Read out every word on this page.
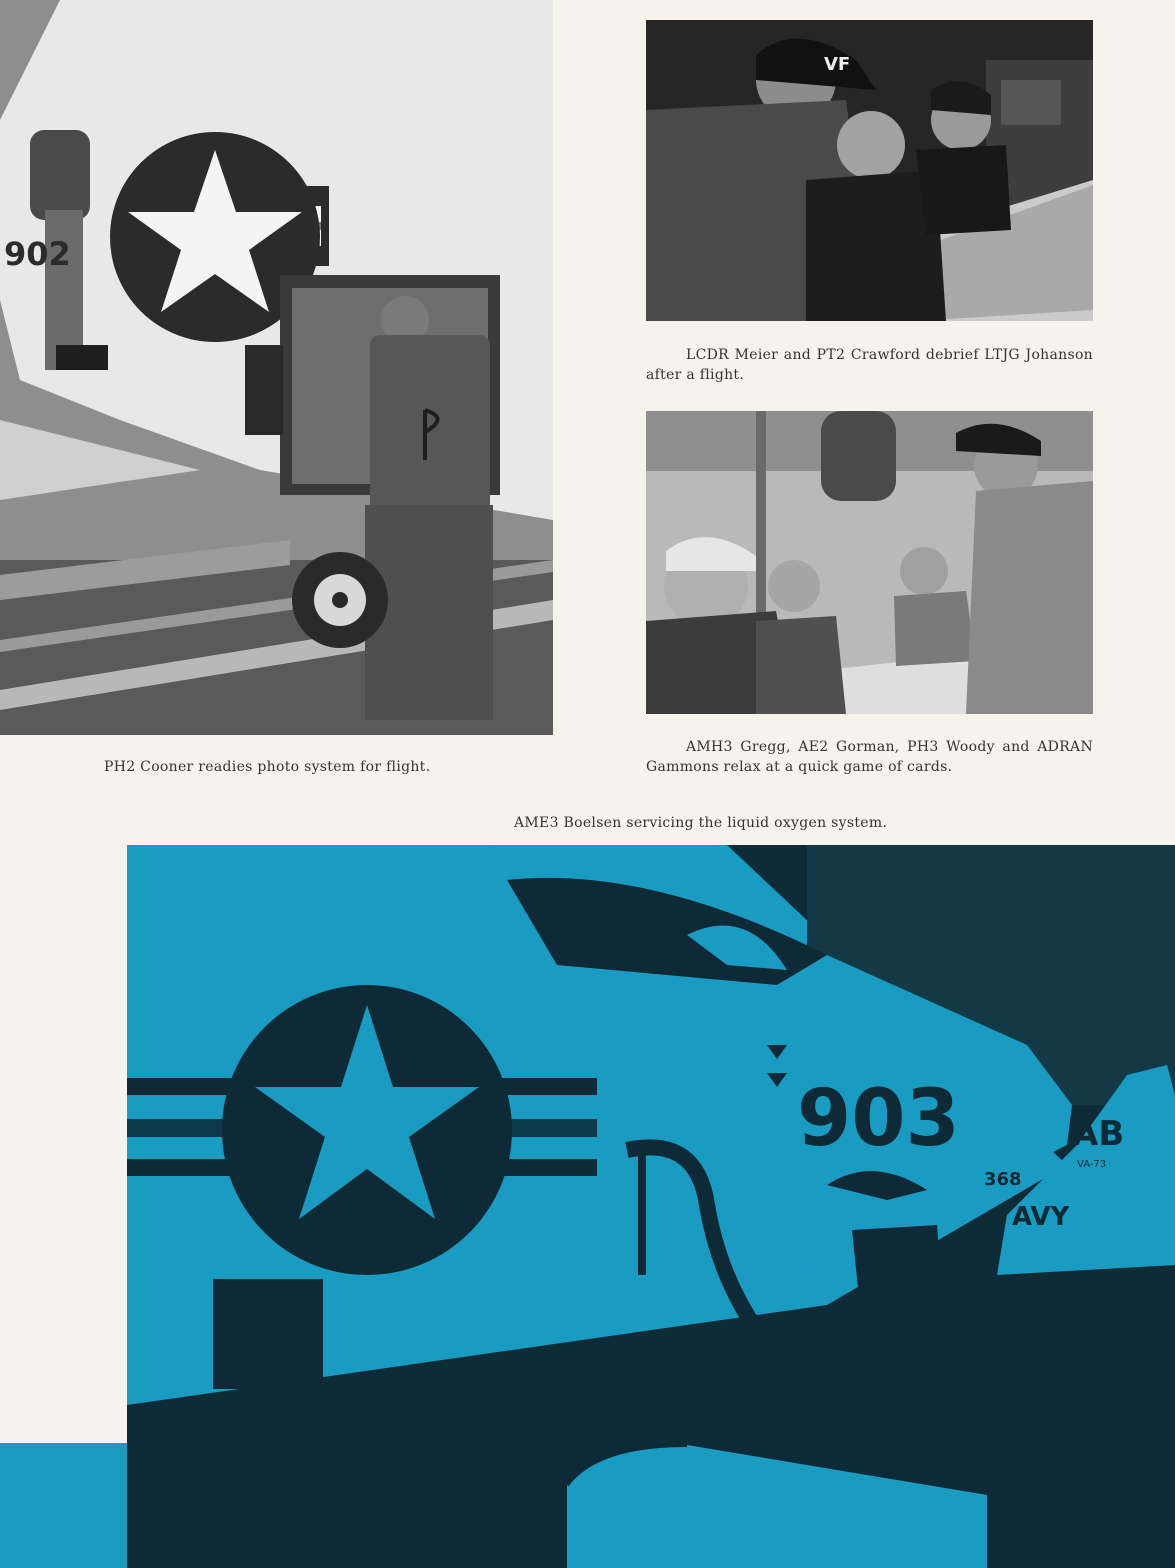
902
VF
LCDR Meier and PT2 Crawford debrief LTJG Johanson after a flight.
AMH3 Gregg, AE2 Gorman, PH3 Woody and ADRAN Gammons relax at a quick game of cards.
PH2 Cooner readies photo system for flight.
AME3 Boelsen servicing the liquid oxygen system.
903	AB
VA-73
368
AVY
